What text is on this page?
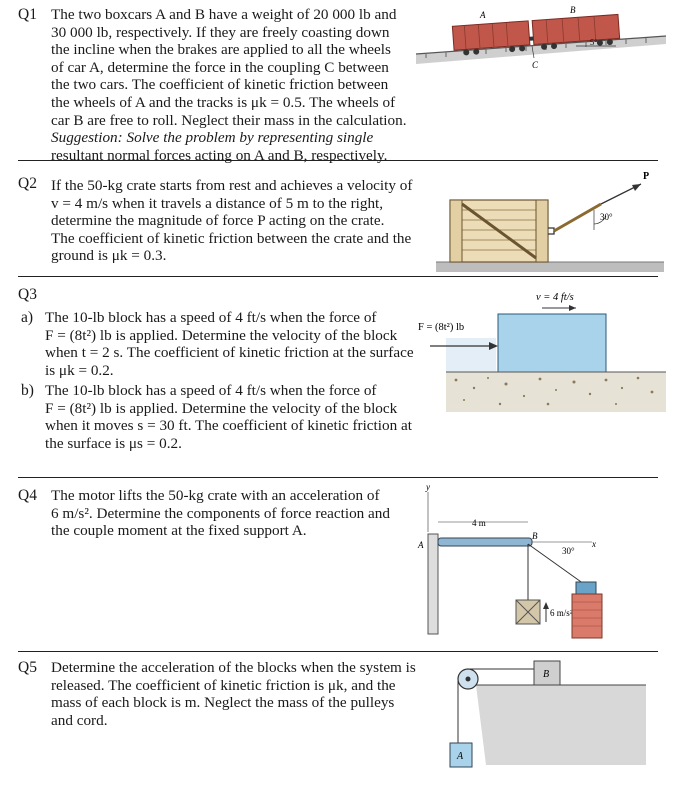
Q1 The two boxcars A and B have a weight of 20 000 lb and
30 000 lb, respectively. If they are freely coasting down
the incline when the brakes are applied to all the wheels
of car A, determine the force in the coupling C between
the two cars. The coefficient of kinetic friction between
the wheels of A and the tracks is μk = 0.5. The wheels of
car B are free to roll. Neglect their mass in the calculation.
Suggestion: Solve the problem by representing single
resultant normal forces acting on A and B, respectively.
A	B
C
5°
Q2 If the 50-kg crate starts from rest and achieves a velocity of
v = 4 m/s when it travels a distance of 5 m to the right,
determine the magnitude of force P acting on the crate.
The coefficient of kinetic friction between the crate and the
ground is μk = 0.3.
P
30°
Q3
a) The 10-lb block has a speed of 4 ft/s when the force of
F = (8t²) lb is applied. Determine the velocity of the block
when t = 2 s. The coefficient of kinetic friction at the surface
is μk = 0.2.
b) The 10-lb block has a speed of 4 ft/s when the force of
F = (8t²) lb is applied. Determine the velocity of the block
when it moves s = 30 ft. The coefficient of kinetic friction at
the surface is μs = 0.2.
v = 4 ft/s
F = (8t²) lb
Q4 The motor lifts the 50-kg crate with an acceleration of
6 m/s². Determine the components of force reaction and
the couple moment at the fixed support A.
y
A
4 m
B
x
30°
6 m/s²
Q5 Determine the acceleration of the blocks when the system is
released. The coefficient of kinetic friction is μk, and the
mass of each block is m. Neglect the mass of the pulleys
and cord.
B
A
